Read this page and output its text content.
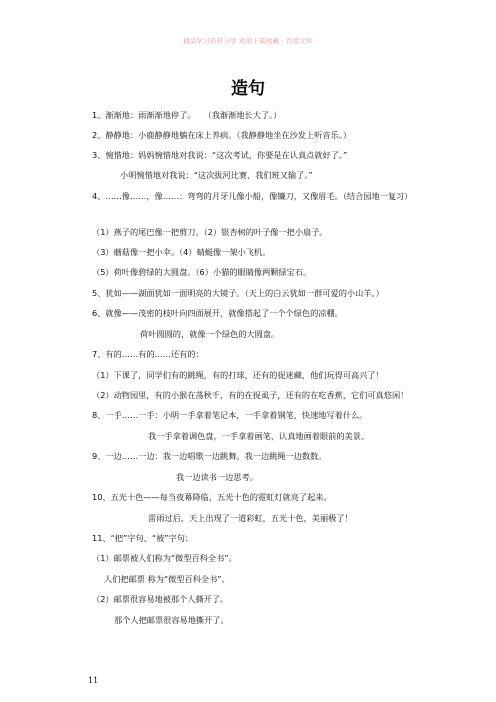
精品学习资料分享 欢迎下载收藏 · 百度文库
造句
1、渐渐地：雨渐渐地停了。　　（我渐渐地长大了。）
2、静静地：小鹿静静地躺在床上养病。（我静静地坐在沙发上听音乐。）
3、惋惜地：妈妈惋惜地对我说：“这次考试，你要是在认真点就好了。”
小明惋惜地对我说：“这次拔河比赛，我们班又输了。”
4、……像……，像……：弯弯的月牙儿像小船，像镰刀，又像眉毛。（结合园地一复习）
（1）燕子的尾巴像一把剪刀。（2）银杏树的叶子像一把小扇子。
（3）蘑菇像一把小伞。（4）蜻蜓像一架小飞机。
（5）荷叶像碧绿的大圆盘。（6）小猫的眼睛像两颗绿宝石。
5、犹如——湖面犹如一面明亮的大镜子。（天上的白云犹如一群可爱的小山羊。）
6、就像——茂密的枝叶向四面展开，就像搭起了一个个绿色的凉棚。
荷叶圆圆的，就像一个绿色的大圆盘。
7、有的……有的……还有的：
（1）下课了，同学们有的跳绳，有的打球，还有的捉迷藏，他们玩得可高兴了！
（2）动物园里，有的小猴在荡秋千，有的在捉虱子，还有的在吃香蕉，它们可真悠闲！
8、一手……一手：小明一手拿着笔记本，一手拿着钢笔，快速地写着什么。
我一手拿着调色盘，一手拿着画笔，认真地画着眼前的美景。
9、一边……一边：我一边唱歌一边跳舞。我一边跳绳一边数数。
我一边读书一边思考。
10、五光十色——每当夜幕降临，五光十色的霓虹灯就亮了起来。
雷雨过后，天上出现了一道彩虹，五光十色，美丽极了！
11、“把”字句、“被”字句：
（1）邮票被人们称为“微型百科全书”。
人们把邮票 称为“微型百科全书”。
（2）邮票很容易地被那个人撕开了。
那个人把邮票很容易地撕开了。
11
